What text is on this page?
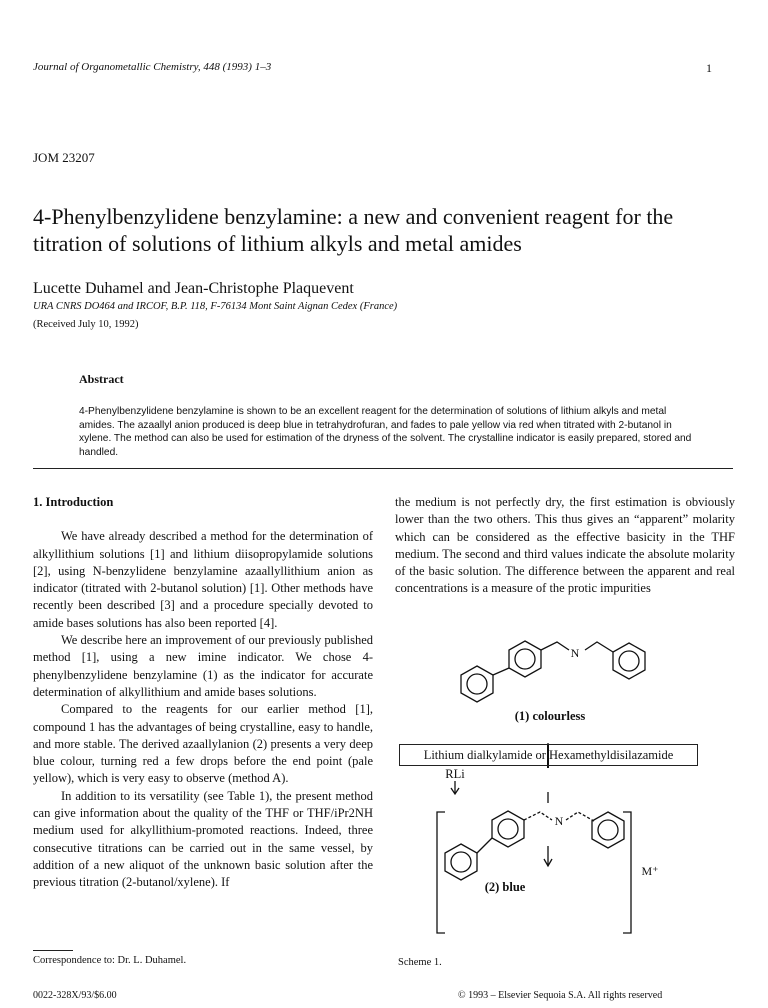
Journal of Organometallic Chemistry, 448 (1993) 1–3	1
JOM 23207
4-Phenylbenzylidene benzylamine: a new and convenient reagent for the titration of solutions of lithium alkyls and metal amides
Lucette Duhamel and Jean-Christophe Plaquevent
URA CNRS DO464 and IRCOF, B.P. 118, F-76134 Mont Saint Aignan Cedex (France)
(Received July 10, 1992)
Abstract
4-Phenylbenzylidene benzylamine is shown to be an excellent reagent for the determination of solutions of lithium alkyls and metal amides. The azaallyl anion produced is deep blue in tetrahydrofuran, and fades to pale yellow via red when titrated with 2-butanol in xylene. The method can also be used for estimation of the dryness of the solvent. The crystalline indicator is easily prepared, stored and handled.
1. Introduction

We have already described a method for the determination of alkyllithium solutions [1] and lithium diisopropylamide solutions [2], using N-benzylidene benzylamine azaallyllithium anion as indicator (titrated with 2-butanol solution) [1]. Other methods have recently been described [3] and a procedure specially devoted to amide bases solutions has also been reported [4].

We describe here an improvement of our previously published method [1], using a new imine indicator. We chose 4-phenylbenzylidene benzylamine (1) as the indicator for accurate determination of alkyllithium and amide bases solutions.

Compared to the reagents for our earlier method [1], compound 1 has the advantages of being crystalline, easy to handle, and more stable. The derived azaallylanion (2) presents a very deep blue colour, turning red a few drops before the end point (pale yellow), which is very easy to observe (method A).

In addition to its versatility (see Table 1), the present method can give information about the quality of the THF or THF/iPr2NH medium used for alkyllithium-promoted reactions. Indeed, three consecutive titrations can be carried out in the same vessel, by addition of a new aliquot of the unknown basic solution after the previous titration (2-butanol/xylene). If

the medium is not perfectly dry, the first estimation is obviously lower than the two others. This thus gives an “apparent” molarity which can be considered as the effective basicity in the THF medium. The second and third values indicate the absolute molarity of the basic solution. The difference between the apparent and real concentrations is a measure of the protic impurities
N
N
(1) colourless
RLi
(2) blue
M⁺
Lithium dialkylamide or Hexamethyldisilazamide
Correspondence to: Dr. L. Duhamel.	Scheme 1.
0022-328X/93/$6.00	© 1993 – Elsevier Sequoia S.A. All rights reserved
